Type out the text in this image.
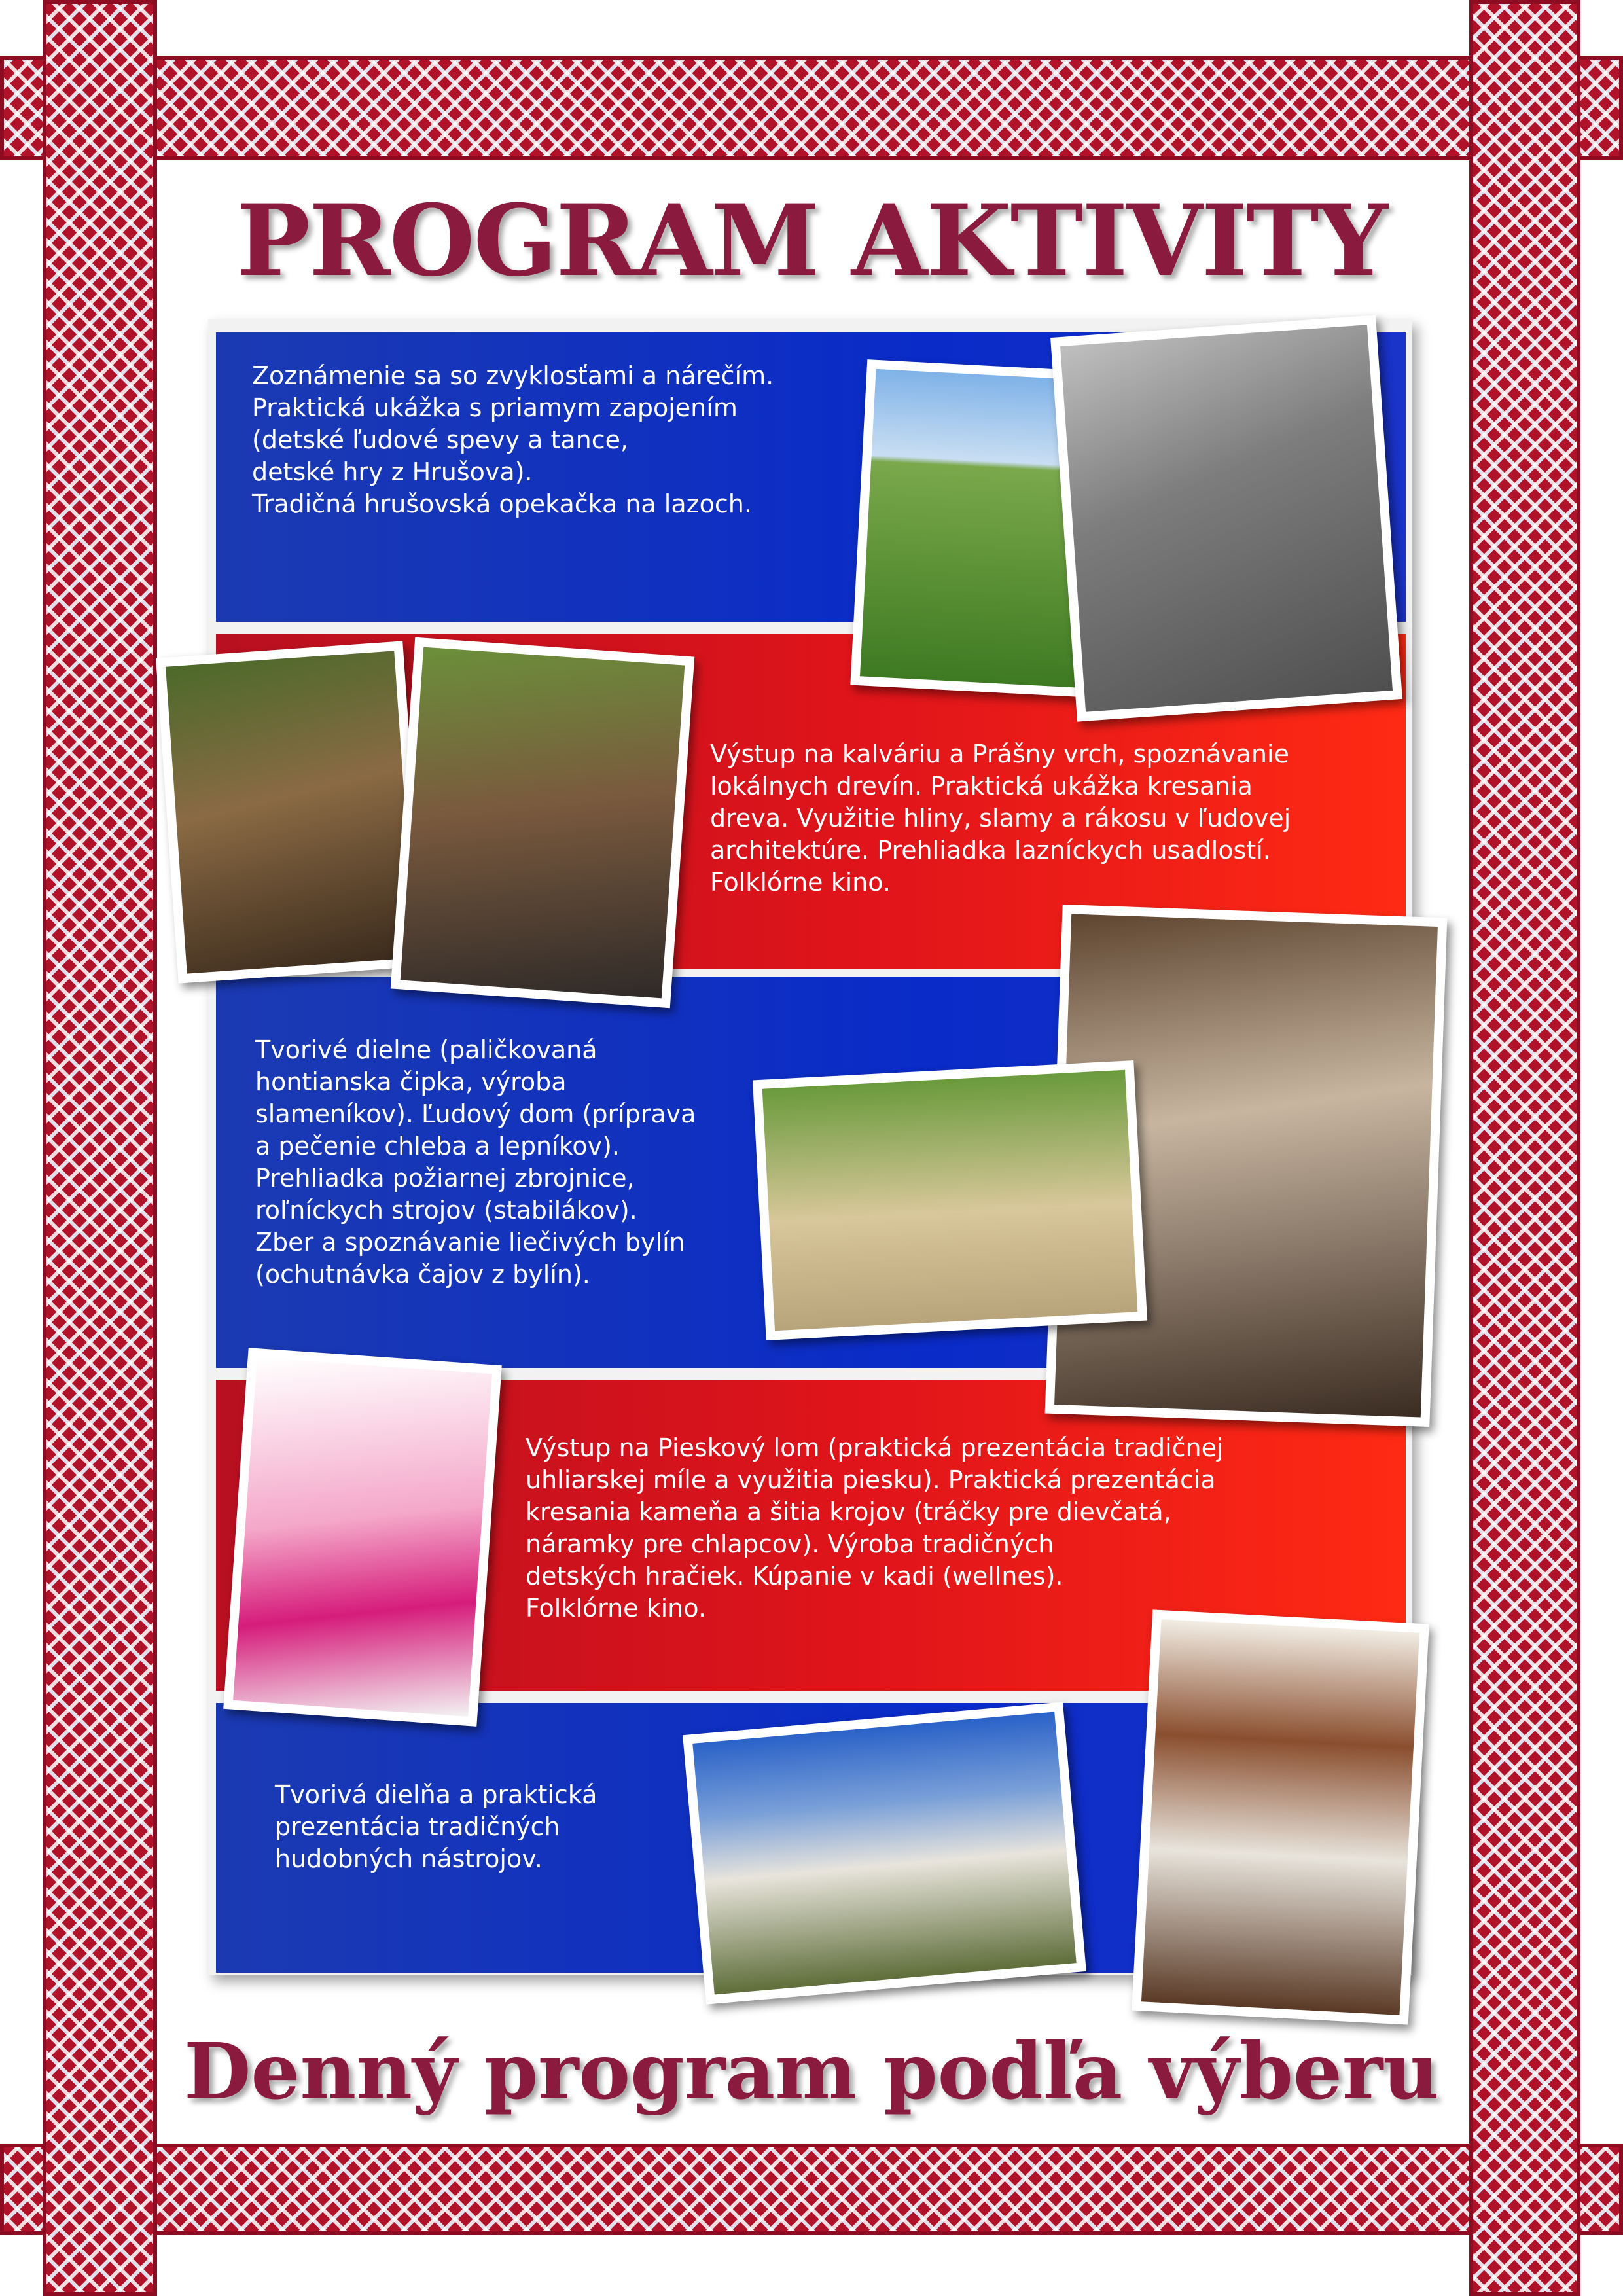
PROGRAM AKTIVITY

Zoznámenie sa so zvyklosťami a nárečím.
Praktická ukážka s priamym zapojením
(detské ľudové spevy a tance,
detské hry z Hrušova).
Tradičná hrušovská opekačka na lazoch.

Výstup na kalváriu a Prášny vrch, spoznávanie
lokálnych drevín. Praktická ukážka kresania
dreva. Využitie hliny, slamy a rákosu v ľudovej
architektúre. Prehliadka lazníckych usadlostí.
Folklórne kino.

Tvorivé dielne (paličkovaná
hontianska čipka, výroba
slameníkov). Ľudový dom (príprava
a pečenie chleba a lepníkov).
Prehliadka požiarnej zbrojnice,
roľníckych strojov (stabilákov).
Zber a spoznávanie liečivých bylín
(ochutnávka čajov z bylín).

Výstup na Pieskový lom (praktická prezentácia tradičnej
uhliarskej míle a využitia piesku). Praktická prezentácia
kresania kameňa a šitia krojov (tráčky pre dievčatá,
náramky pre chlapcov). Výroba tradičných
detských hračiek. Kúpanie v kadi (wellnes).
Folklórne kino.

Tvorivá dielňa a praktická
prezentácia tradičných
hudobných nástrojov.

Denný program podľa výberu
